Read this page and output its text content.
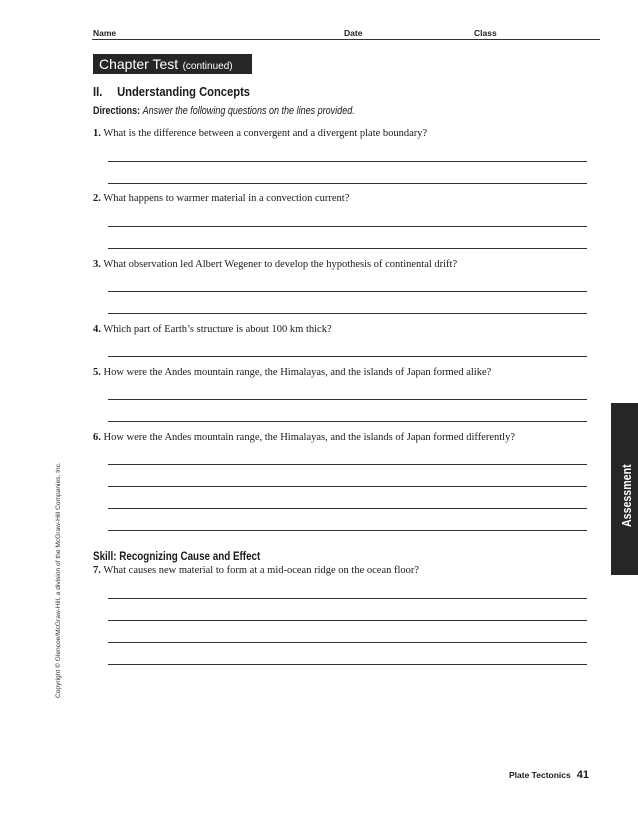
Name	Date	Class
Chapter Test (continued)
II. Understanding Concepts
Directions: Answer the following questions on the lines provided.
1. What is the difference between a convergent and a divergent plate boundary?
2. What happens to warmer material in a convection current?
3. What observation led Albert Wegener to develop the hypothesis of continental drift?
4. Which part of Earth’s structure is about 100 km thick?
5. How were the Andes mountain range, the Himalayas, and the islands of Japan formed alike?
6. How were the Andes mountain range, the Himalayas, and the islands of Japan formed differently?
Skill: Recognizing Cause and Effect
7. What causes new material to form at a mid-ocean ridge on the ocean floor?
Copyright © Glencoe/McGraw-Hill, a division of the McGraw-Hill Companies, Inc.	Assessment
Plate Tectonics 41
